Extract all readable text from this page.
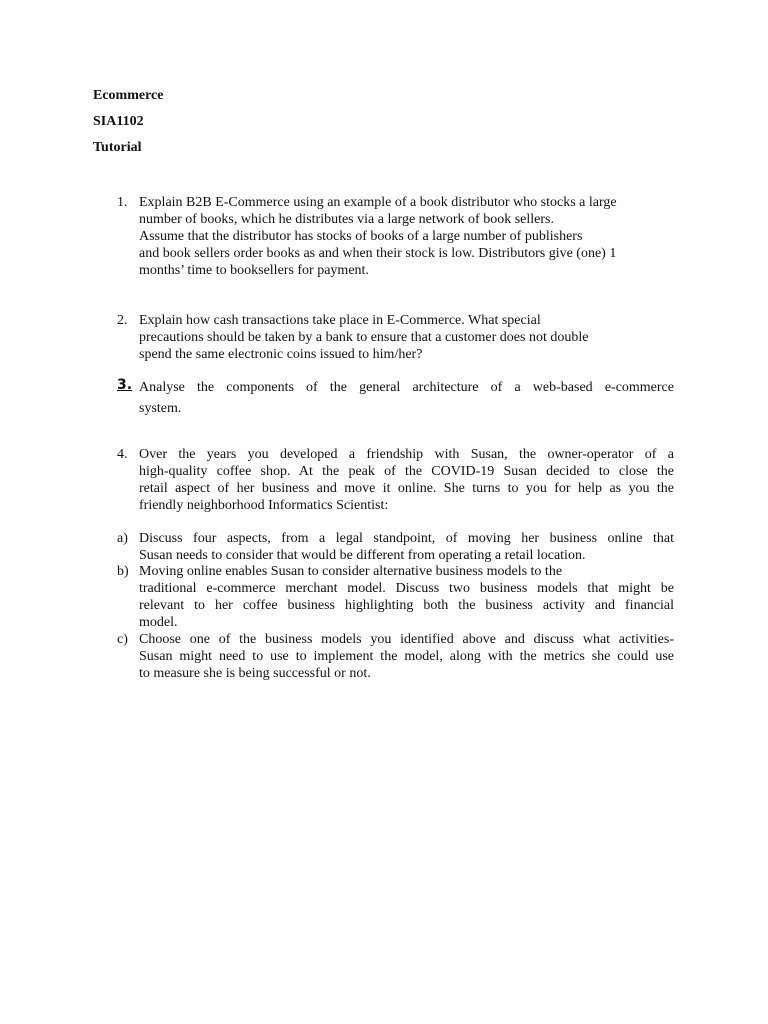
Ecommerce
SIA1102
Tutorial
1. Explain B2B E-Commerce using an example of a book distributor who stocks a large
number of books, which he distributes via a large network of book sellers.
Assume that the distributor has stocks of books of a large number of publishers
and book sellers order books as and when their stock is low. Distributors give (one) 1
months’ time to booksellers for payment.
2. Explain how cash transactions take place in E-Commerce. What special
precautions should be taken by a bank to ensure that a customer does not double
spend the same electronic coins issued to him/her?
3. Analyse the components of the general architecture of a web-based e-commerce
system.
4. Over the years you developed a friendship with Susan, the owner-operator of a
high-quality coffee shop. At the peak of the COVID-19 Susan decided to close the
retail aspect of her business and move it online. She turns to you for help as you the
friendly neighborhood Informatics Scientist:
a) Discuss four aspects, from a legal standpoint, of moving her business online that
Susan needs to consider that would be different from operating a retail location.
b) Moving online enables Susan to consider alternative business models to the
traditional e-commerce merchant model. Discuss two business models that might be
relevant to her coffee business highlighting both the business activity and financial
model.
c) Choose one of the business models you identified above and discuss what activities-
Susan might need to use to implement the model, along with the metrics she could use
to measure she is being successful or not.
